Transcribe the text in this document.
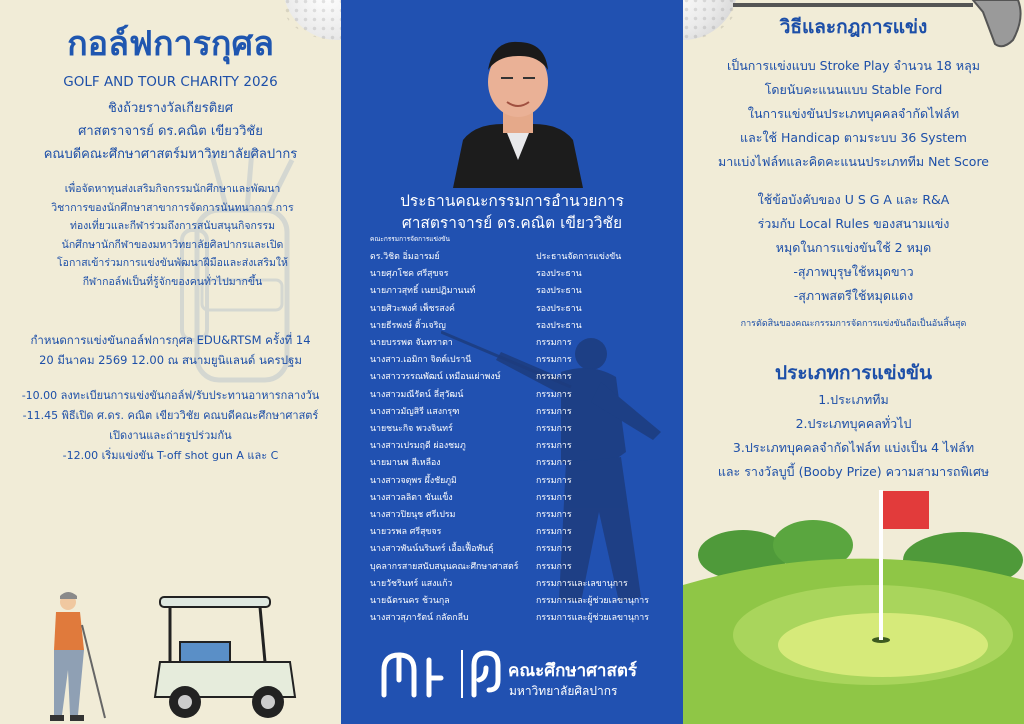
กอล์ฟการกุศล
GOLF AND TOUR CHARITY 2026
ชิงถ้วยรางวัลเกียรติยศ
ศาสตราจารย์ ดร.คณิต เขียววิชัย
คณบดีคณะศึกษาศาสตร์มหาวิทยาลัยศิลปากร
เพื่อจัดหาทุนส่งเสริมกิจกรรมนักศึกษาและพัฒนา
วิชาการของนักศึกษาสาขาการจัดการนันทนาการ การ
ท่องเที่ยวและกีฬาร่วมถึงการสนับสนุนกิจกรรม
นักศึกษานักกีฬาของมหาวิทยาลัยศิลปากรและเปิด
โอกาสเข้าร่วมการแข่งขันพัฒนาฝีมือและส่งเสริมให้
กีฬากอล์ฟเป็นที่รู้จักของคนทั่วไปมากขึ้น
กำหนดการแข่งขันกอล์ฟการกุศล EDU&RTSM ครั้งที่ 14
20 มีนาคม 2569 12.00 ณ สนามยูนิแลนด์ นครปฐม
-10.00 ลงทะเบียนการแข่งขันกอล์ฟ/รับประทานอาหารกลางวัน
-11.45 พิธีเปิด ศ.ดร. คณิต เขียววิชัย คณบดีคณะศึกษาศาสตร์
เปิดงานและถ่ายรูปร่วมกัน
-12.00 เริ่มแข่งขัน T-off shot gun A และ C
ประธานคณะกรรมการอำนวยการ
ศาสตราจารย์ ดร.คณิต เขียววิชัย
คณะกรรมการจัดการแข่งขัน
ดร.วิชิต อิ่มอารมย์	ประธานจัดการแข่งขัน
นายศุภโชค ศรีสุขจร	รองประธาน
นายภาวสุทธิ์ เนยปฏิมานนท์	รองประธาน
นายศิวะพงศ์ เพ็ชรสงค์	รองประธาน
นายธีรพงษ์ ติ้วเจริญ	รองประธาน
นายบรรพต จันทราตา	กรรมการ
นางสาว.เอมิกา จิตต์เปรานี	กรรมการ
นางสาววรรณพัฒน์ เหมือนเผ่าพงษ์	กรรมการ
นางสาวมณีรัตน์ ลี่สุวัฒน์	กรรมการ
นางสาวมัญสิรี แสงกรุฑ	กรรมการ
นายชนะกิจ พวงจินทร์	กรรมการ
นางสาวเปรมฤดี ผ่องชมภู	กรรมการ
นายมานพ สีเหลือง	กรรมการ
นางสาวจตุพร ผึ้งชัยภูมิ	กรรมการ
นางสาวลลิตา ขันแข็ง	กรรมการ
นางสาวปิยนุช ศรีเปรม	กรรมการ
นายวรพล ศรีสุขจร	กรรมการ
นางสาวพันน์นรินทร์ เอื้อเฟื้อพันธุ์	กรรมการ
บุคลากรสายสนับสนุนคณะศึกษาศาสตร์ กรรมการ
นายวัชรินทร์ แสงแก้ว	กรรมการและเลขานุการ
นายฉัตรนคร ช้วนกุล	กรรมการและผู้ช่วยเลขานุการ
นางสาวสุภารัตน์ กลัดกลีบ	กรรมการและผู้ช่วยเลขานุการ
คณะศึกษาศาสตร์
มหาวิทยาลัยศิลปากร
วิธีและกฎการแข่ง
เป็นการแข่งแบบ Stroke Play จำนวน 18 หลุม
โดยนับคะแนนแบบ Stable Ford
ในการแข่งขันประเภทบุคคลจำกัดไฟล์ท
และใช้ Handicap ตามระบบ 36 System
มาแบ่งไฟล์ทและคิดคะแนนประเภททีม Net Score
ใช้ข้อบังคับของ U S G A และ R&A
ร่วมกับ Local Rules ของสนามแข่ง
หมุดในการแข่งขันใช้ 2 หมุด
-สุภาพบุรุษใช้หมุดขาว
-สุภาพสตรีใช้หมุดแดง
การตัดสินของคณะกรรมการจัดการแข่งขันถือเป็นอันสิ้นสุด
ประเภทการแข่งขัน
1.ประเภททีม
2.ประเภทบุคคลทั่วไป
3.ประเภทบุคคลจำกัดไฟล์ท แบ่งเป็น 4 ไฟล์ท
และ รางวัลบูบี้ (Booby Prize) ความสามารถพิเศษ
